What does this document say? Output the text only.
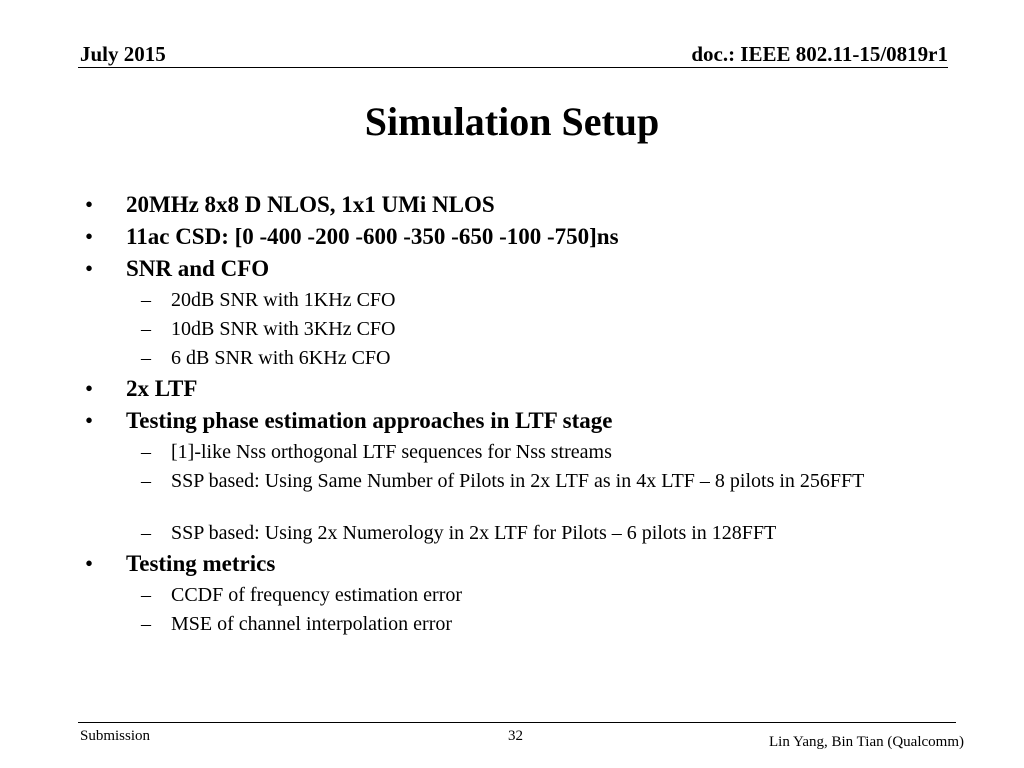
July 2015	doc.: IEEE 802.11-15/0819r1
Simulation Setup
• 20MHz 8x8 D NLOS, 1x1 UMi NLOS
• 11ac CSD: [0 -400 -200 -600 -350 -650 -100 -750]ns
• SNR and CFO
– 20dB SNR with 1KHz CFO
– 10dB SNR with 3KHz CFO
– 6 dB SNR with 6KHz CFO
• 2x LTF
• Testing phase estimation approaches in LTF stage
– [1]-like Nss orthogonal LTF sequences for Nss streams
– SSP based: Using Same Number of Pilots in 2x LTF as in 4x LTF – 8 pilots in 256FFT
– SSP based: Using 2x Numerology in 2x LTF for Pilots – 6 pilots in 128FFT
• Testing metrics
– CCDF of frequency estimation error
– MSE of channel interpolation error
Submission	32	Lin Yang, Bin Tian (Qualcomm)
